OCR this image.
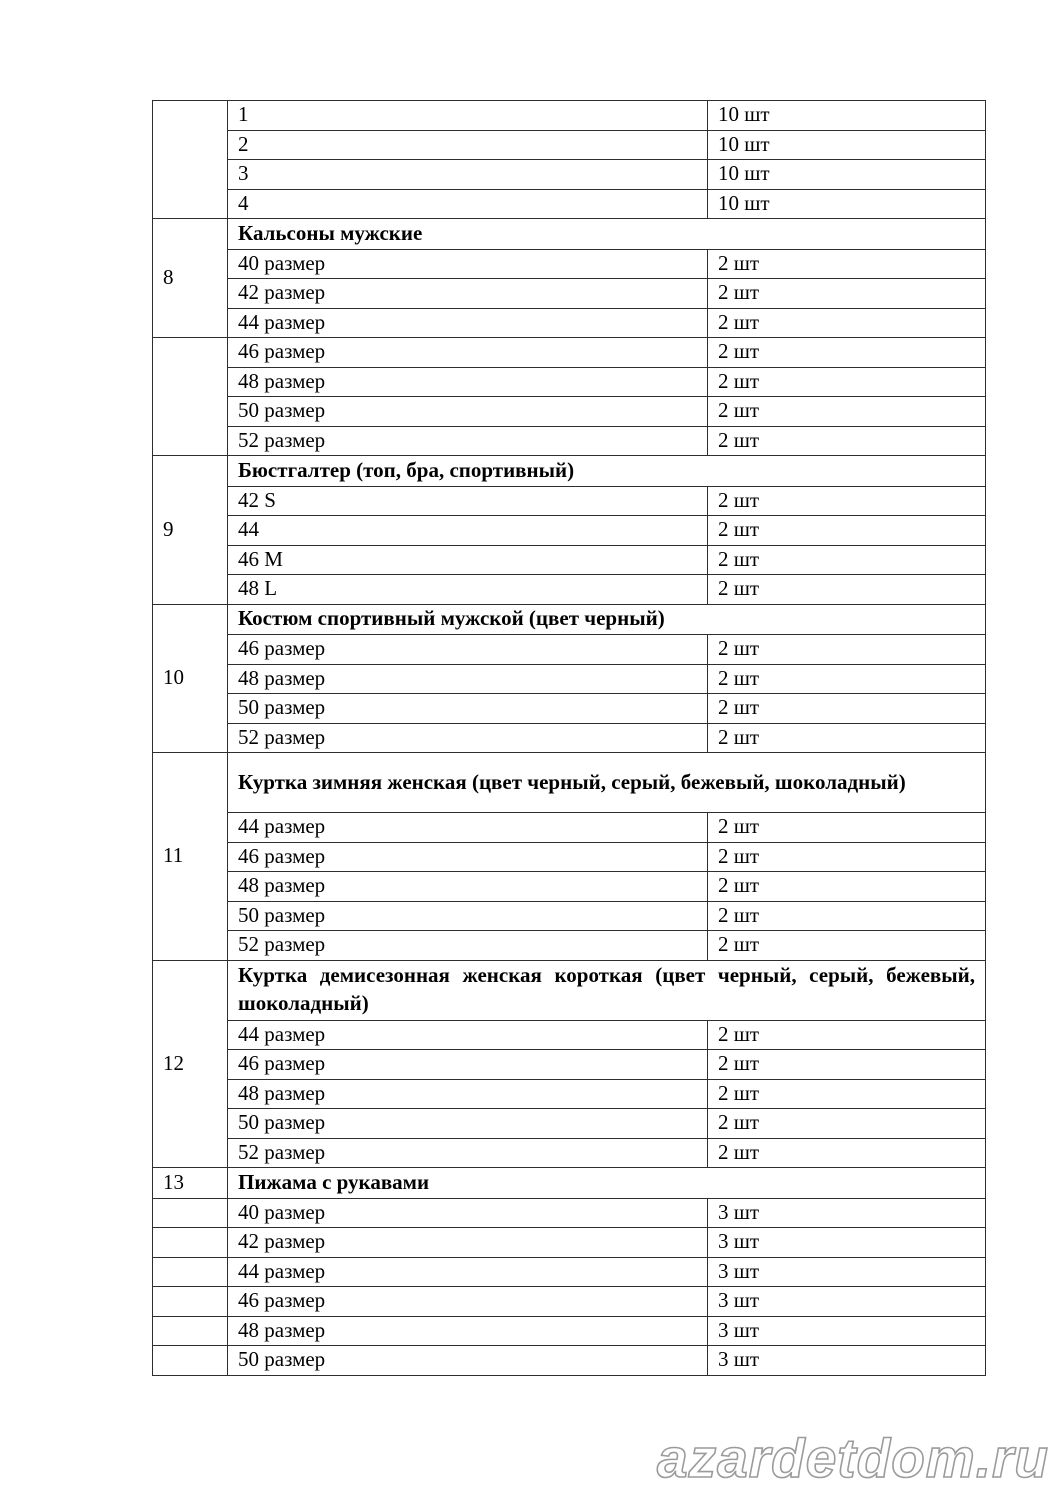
	1	10 шт
	2	10 шт
	3	10 шт
	4	10 шт
8	Кальсоны мужские	
	40 размер	2 шт
	42 размер	2 шт
	44 размер	2 шт
	46 размер	2 шт
	48 размер	2 шт
	50 размер	2 шт
	52 размер	2 шт
9	Бюстгалтер (топ, бра, спортивный)	
	42 S	2 шт
	44	2 шт
	46 M	2 шт
	48 L	2 шт
10	Костюм спортивный мужской (цвет черный)	
	46 размер	2 шт
	48 размер	2 шт
	50 размер	2 шт
	52 размер	2 шт
11	Куртка зимняя женская (цвет черный, серый, бежевый, шоколадный)	
	44 размер	2 шт
	46 размер	2 шт
	48 размер	2 шт
	50 размер	2 шт
	52 размер	2 шт
12	Куртка демисезонная женская короткая (цвет черный, серый, бежевый, шоколадный)	
	44 размер	2 шт
	46 размер	2 шт
	48 размер	2 шт
	50 размер	2 шт
	52 размер	2 шт
13	Пижама с рукавами	
	40 размер	3 шт
	42 размер	3 шт
	44 размер	3 шт
	46 размер	3 шт
	48 размер	3 шт
	50 размер	3 шт
azardetdom.ru
